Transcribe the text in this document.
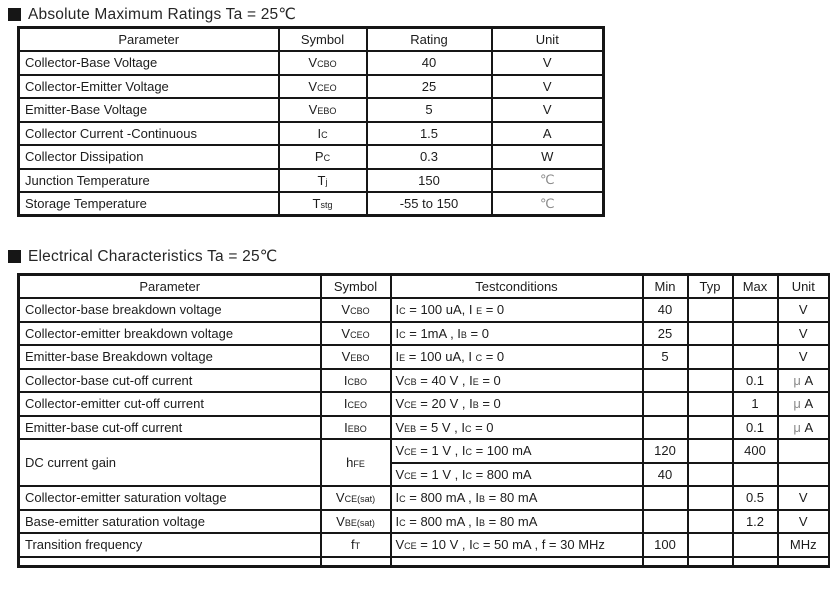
Absolute Maximum Ratings Ta = 25℃
Parameter	Symbol	Rating	Unit
Collector-Base Voltage	VCBO	40	V
Collector-Emitter Voltage	VCEO	25	V
Emitter-Base Voltage	VEBO	5	V
Collector Current -Continuous	IC	1.5	A
Collector Dissipation	PC	0.3	W
Junction Temperature	Tj	150	℃
Storage Temperature	Tstg	-55 to 150	℃
Electrical Characteristics Ta = 25℃
Parameter	Symbol	Testconditions	Min	Typ	Max	Unit
Collector-base breakdown voltage	VCBO	IC = 100 uA, I E = 0	40			V
Collector-emitter breakdown voltage	VCEO	IC = 1mA , IB = 0	25			V
Emitter-base Breakdown voltage	VEBO	IE = 100 uA, I C = 0	5			V
Collector-base cut-off current	ICBO	VCB = 40 V , IE = 0			0.1	μ A
Collector-emitter cut-off current	ICEO	VCE = 20 V , IB = 0			1	μ A
Emitter-base cut-off current	IEBO	VEB = 5 V , IC = 0			0.1	μ A
DC current gain	hFE	VCE = 1 V , IC = 100 mA	120		400	
		VCE = 1 V , IC = 800 mA	40			
Collector-emitter saturation voltage	VCE(sat)	IC = 800 mA , IB = 80 mA			0.5	V
Base-emitter saturation voltage	VBE(sat)	IC = 800 mA , IB = 80 mA			1.2	V
Transition frequency	fT	VCE = 10 V , IC = 50 mA , f = 30 MHz	100			MHz
